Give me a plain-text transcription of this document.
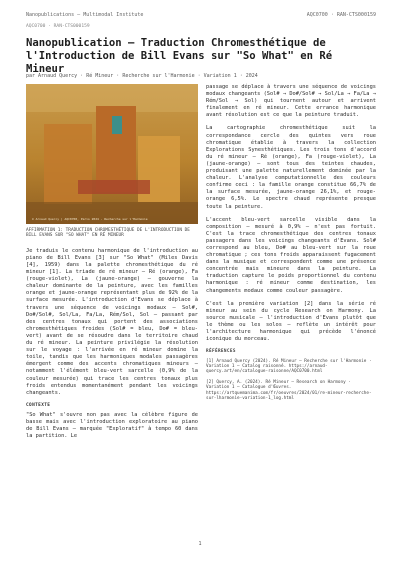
Nanopublications — Multimodal Institute	AQC0700 · RAN-CTS000159
AQC0700 · RAN-CTS000159
Nanopublication — Traduction Chromesthétique de l'Introduction de Bill Evans sur "So What" en Ré Mineur
par Arnaud Quercy · Ré Mineur · Recherche sur l'Harmonie · Variation 1 · 2024
© Arnaud Quercy | AQC0700, Paris 2024 · Recherche sur l'Harmonie
AFFIRMATION 1: TRADUCTION CHROMESTHÉTIQUE DE L'INTRODUCTION DE BILL EVANS SUR "SO WHAT" EN RÉ MINEUR

Je traduis le contenu harmonique de l'introduction au piano de Bill Evans [3] sur "So What" (Miles Davis [4], 1959) dans la palette chromesthétique du ré mineur [1]. La triade de ré mineur — Ré (orange), Fa (rouge-violet), La (jaune-orange) — gouverne la chaleur dominante de la peinture, avec les familles orange et jaune-orange représentant plus de 92% de la surface mesurée. L'introduction d'Evans se déplace à travers une séquence de voicings modaux — Sol#, Do#/Sol#, Sol/La, Fa/La, Rém/Sol, Sol — passant par des centres tonaux qui portent des associations chromesthétiques froides (Sol# = bleu, Do# = bleu-vert) avant de se résoudre dans le territoire chaud du ré mineur. La peinture privilégie la résolution sur le voyage : l'arrivée en ré mineur domine la toile, tandis que les harmoniques modales passagères émergent comme des accents chromatiques mineurs — notamment l'élément bleu-vert sarcelle (0,9% de la couleur mesurée) qui trace les centres tonaux plus froids entendus momentanément pendant les voicings changeants.

CONTEXTE

"So What" s'ouvre non pas avec la célèbre figure de basse mais avec l'introduction exploratoire au piano de Bill Evans — marquée "Exploratif" à tempo 60 dans la partition. Le

passage se déplace à travers une séquence de voicings modaux changeants (Sol# → Do#/Sol# → Sol/La → Fa/La → Rém/Sol → Sol) qui tournent autour et arrivent finalement en ré mineur. Cette errance harmonique avant résolution est ce que la peinture traduit.

La cartographie chromesthétique suit la correspondance cercle des quintes vers roue chromatique établie à travers la collection Explorations Synesthétiques. Les trois tons d'accord du ré mineur — Ré (orange), Fa (rouge-violet), La (jaune-orange) — sont tous des teintes chaudes, produisant une palette naturellement dominée par la chaleur. L'analyse computationnelle des couleurs confirme ceci : la famille orange constitue 66,7% de la surface mesurée, jaune-orange 26,1%, et rouge-orange 6,5%. Le spectre chaud représente presque toute la peinture.

L'accent bleu-vert sarcelle visible dans la composition — mesuré à 0,9% — n'est pas fortuit. C'est la trace chromesthétique des centres tonaux passagers dans les voicings changeants d'Evans. Sol# correspond au bleu, Do# au bleu-vert sur la roue chromatique ; ces tons froids apparaissent fugacement dans la musique et correspondent comme une présence concentrée mais mineure dans la peinture. La traduction capture le poids proportionnel du contenu harmonique : ré mineur comme destination, les changements modaux comme couleur passagère.

C'est la première variation [2] dans la série ré mineur au sein du cycle Research on Harmony. La source musicale — l'introduction d'Evans plutôt que le thème ou les solos — reflète un intérêt pour l'architecture harmonique qui précède l'énoncé iconique du morceau.

RÉFÉRENCES
[1] Arnaud Quercy (2024). Ré Mineur — Recherche sur l'Harmonie · Variation 1 — Catalog raisonné. https://arnaud-quercy.art/en/catalogue-raisonne/AQC0700.html
[2] Quercy, A. (2024). Ré Mineur — Research on Harmony · Variation 1 — Catalogue d'Œuvres. https://artquemanima.com/fr/oeuvres/2024/01/re-mineur-recherche-sur-lharmonie-variation-1_log.html
1
